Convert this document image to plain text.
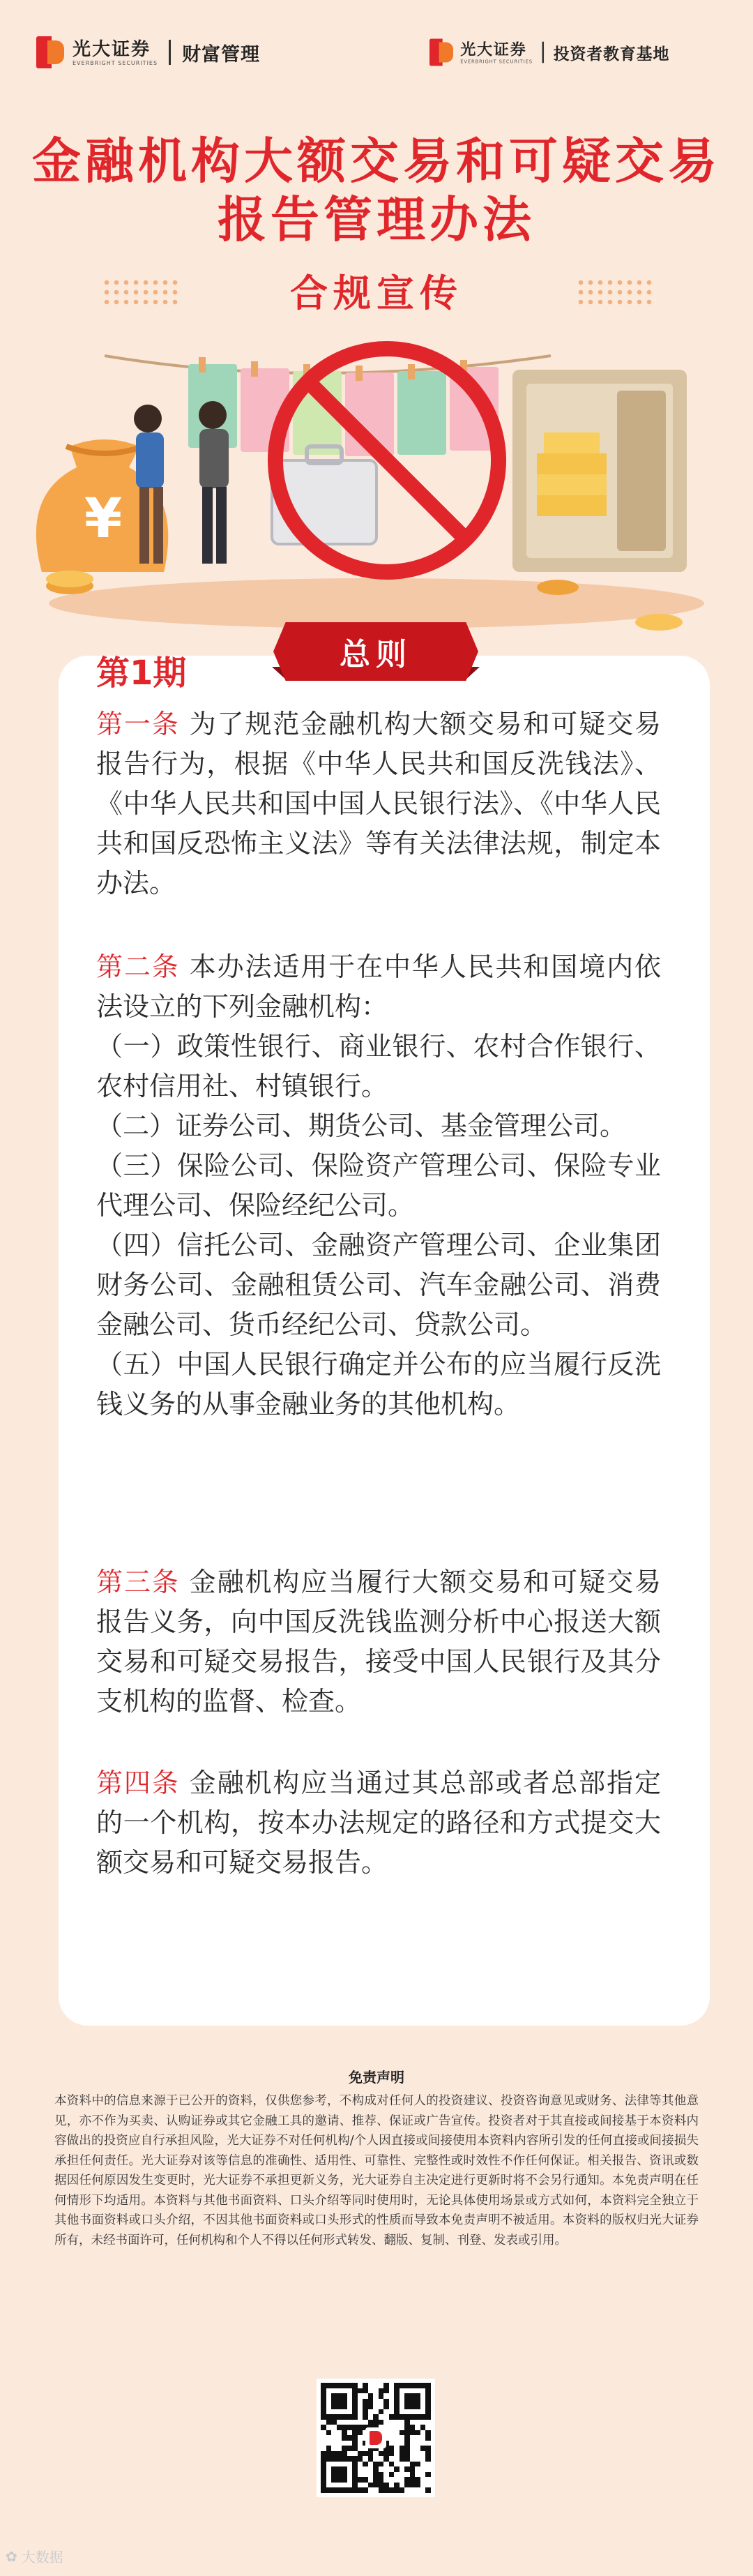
光大证券
EVERBRIGHT SECURITIES 财富管理	光大证券
EVERBRIGHT SECURITIES 投资者教育基地
金融机构大额交易和可疑交易
报告管理办法
合规宣传
¥
第1期	总则

第一条 为了规范金融机构大额交易和可疑交易报告行为，根据《中华人民共和国反洗钱法》、《中华人民共和国中国人民银行法》、《中华人民共和国反恐怖主义法》等有关法律法规，制定本办法。

第二条 本办法适用于在中华人民共和国境内依法设立的下列金融机构：

（一）政策性银行、商业银行、农村合作银行、农村信用社、村镇银行。

（二）证券公司、期货公司、基金管理公司。

（三）保险公司、保险资产管理公司、保险专业代理公司、保险经纪公司。

（四）信托公司、金融资产管理公司、企业集团财务公司、金融租赁公司、汽车金融公司、消费金融公司、货币经纪公司、贷款公司。

（五）中国人民银行确定并公布的应当履行反洗钱义务的从事金融业务的其他机构。

第三条 金融机构应当履行大额交易和可疑交易报告义务，向中国反洗钱监测分析中心报送大额交易和可疑交易报告，接受中国人民银行及其分支机构的监督、检查。

第四条 金融机构应当通过其总部或者总部指定的一个机构，按本办法规定的路径和方式提交大额交易和可疑交易报告。

免责声明
本资料中的信息来源于已公开的资料，仅供您参考，不构成对任何人的投资建议、投资咨询意见或财务、法律等其他意见，亦不作为买卖、认购证券或其它金融工具的邀请、推荐、保证或广告宣传。投资者对于其直接或间接基于本资料内容做出的投资应自行承担风险，光大证券不对任何机构/个人因直接或间接使用本资料内容所引发的任何直接或间接损失承担任何责任。光大证券对该等信息的准确性、适用性、可靠性、完整性或时效性不作任何保证。相关报告、资讯或数据因任何原因发生变更时，光大证券不承担更新义务，光大证券自主决定进行更新时将不会另行通知。本免责声明在任何情形下均适用。本资料与其他书面资料、口头介绍等同时使用时，无论具体使用场景或方式如何，本资料完全独立于其他书面资料或口头介绍，不因其他书面资料或口头形式的性质而导致本免责声明不被适用。本资料的版权归光大证券所有，未经书面许可，任何机构和个人不得以任何形式转发、翻版、复制、刊登、发表或引用。
✿ 大数据
